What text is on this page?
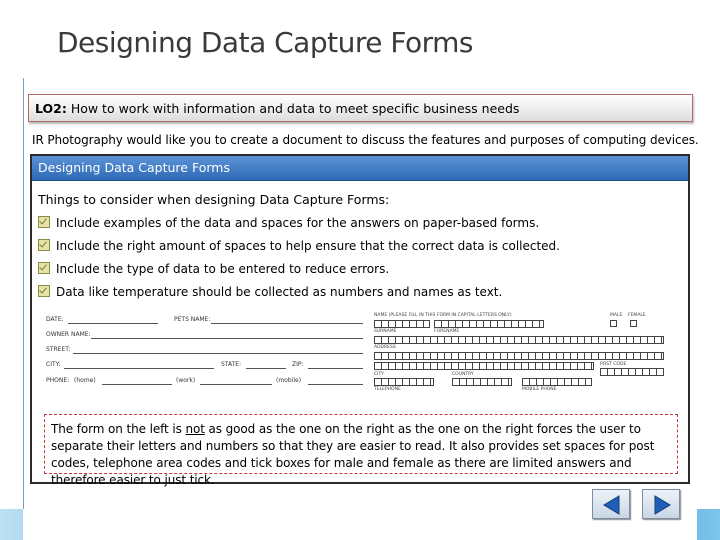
Designing Data Capture Forms
LO2: How to work with information and data to meet specific business needs
IR Photography would like you to create a document to discuss the features and purposes of computing devices.
Designing Data Capture Forms
Things to consider when designing Data Capture Forms:
Include examples of the data and spaces for the answers on paper-based forms.
Include the right amount of spaces to help ensure that the correct data is collected.
Include the type of data to be entered to reduce errors.
Data like temperature should be collected as numbers and names as text.
DATE:	PETS NAME:
OWNER NAME:
STREET:
CITY:	STATE:	ZIP:
PHONE: (home)	(work)	(mobile)
NAME (PLEASE FILL IN THIS FORM IN CAPITAL LETTERS ONLY)
SURNAME	FORENAME
MALE FEMALE
ADDRESS
POST CODE
CITY	COUNTRY
TELEPHONE	MOBILE PHONE
The form on the left is not as good as the one on the right as the one on the right forces the user to separate their letters and numbers so that they are easier to read. It also provides set spaces for post codes, telephone area codes and tick boxes for male and female as there are limited answers and therefore easier to just tick.
